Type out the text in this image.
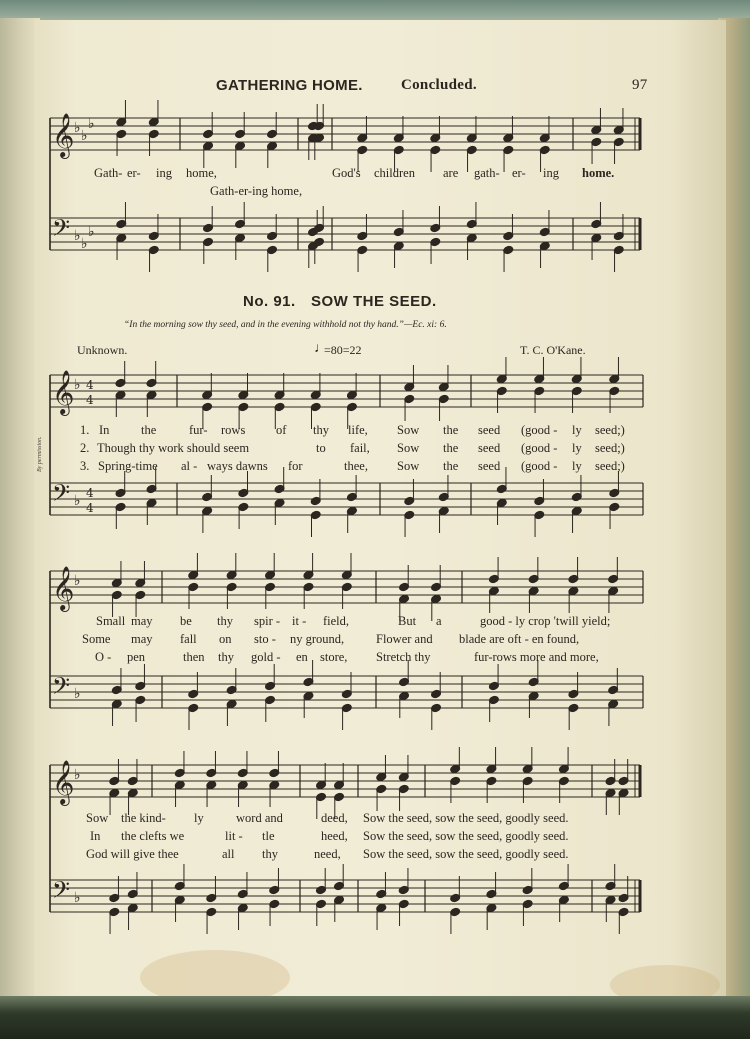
𝄞
𝄢
♭
♭
♭
♭
♭
♭
𝄞
𝄢
♭
♭
4
4
4
4
𝄞
𝄢
♭
♭
𝄞
𝄢
♭
♭
GATHERING HOME.	Concluded.	97
Gath- er- ing home,	God's children are gath- er- ing home.
Gath-er-ing home,
No. 91. SOW THE SEED.
“In the morning sow thy seed, and in the evening withhold not thy hand.”—Ec. xi: 6.
Unknown.	♩
=80=22	T. C. O'Kane.
By permission.
1. In	the	fur- rows of thy life, Sow the seed (good - ly seed;)
2. Though thy work should seem	to fail, Sow the seed (good - ly seed;)
3. Spring-time al - ways dawns for	thee, Sow the seed (good - ly seed;)
Small may be thy spir - it - field,	But a	good - ly crop 'twill yield;
Some may fall on sto - ny ground,	Flower and blade are oft - en found,
O - pen	then thy gold - en store, Stretch thy	fur-rows more and more,
Sow the kind- ly	word and	deed, Sow the seed, sow the seed, goodly seed.
In the clefts we	lit - tle	heed, Sow the seed, sow the seed, goodly seed.
God will give thee	all thy	need, Sow the seed, sow the seed, goodly seed.
